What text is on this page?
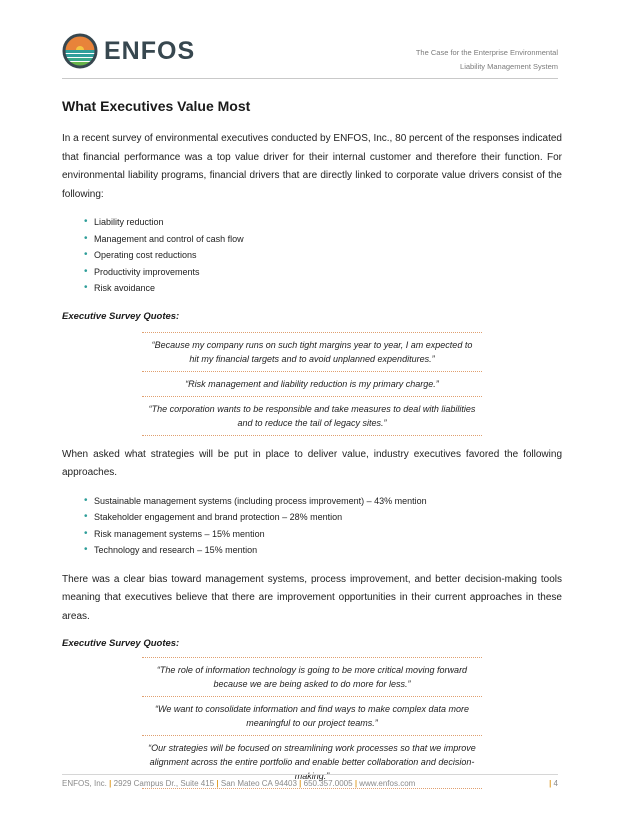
ENFOS	The Case for the Enterprise Environmental
Liability Management System
What Executives Value Most

In a recent survey of environmental executives conducted by ENFOS, Inc., 80 percent of the responses indicated that financial performance was a top value driver for their internal customer and therefore their function. For environmental liability programs, financial drivers that are directly linked to corporate value drivers consist of the following:

• Liability reduction
• Management and control of cash flow
• Operating cost reductions
• Productivity improvements
• Risk avoidance

Executive Survey Quotes:

“Because my company runs on such tight margins year to year, I am expected to hit my financial targets and to avoid unplanned expenditures.”
“Risk management and liability reduction is my primary charge.”
“The corporation wants to be responsible and take measures to deal with liabilities and to reduce the tail of legacy sites.”

When asked what strategies will be put in place to deliver value, industry executives favored the following approaches.

• Sustainable management systems (including process improvement) – 43% mention
• Stakeholder engagement and brand protection – 28% mention
• Risk management systems – 15% mention
• Technology and research – 15% mention

There was a clear bias toward management systems, process improvement, and better decision-making tools meaning that executives believe that there are improvement opportunities in their current approaches in these areas.

Executive Survey Quotes:

“The role of information technology is going to be more critical moving forward because we are being asked to do more for less.”
“We want to consolidate information and find ways to make complex data more meaningful to our project teams.”
“Our strategies will be focused on streamlining work processes so that we improve alignment across the entire portfolio and enable better collaboration and decision-making.”
ENFOS, Inc. | 2929 Campus Dr., Suite 415 | San Mateo CA 94403 | 650.357.0005 | www.enfos.com	| 4
